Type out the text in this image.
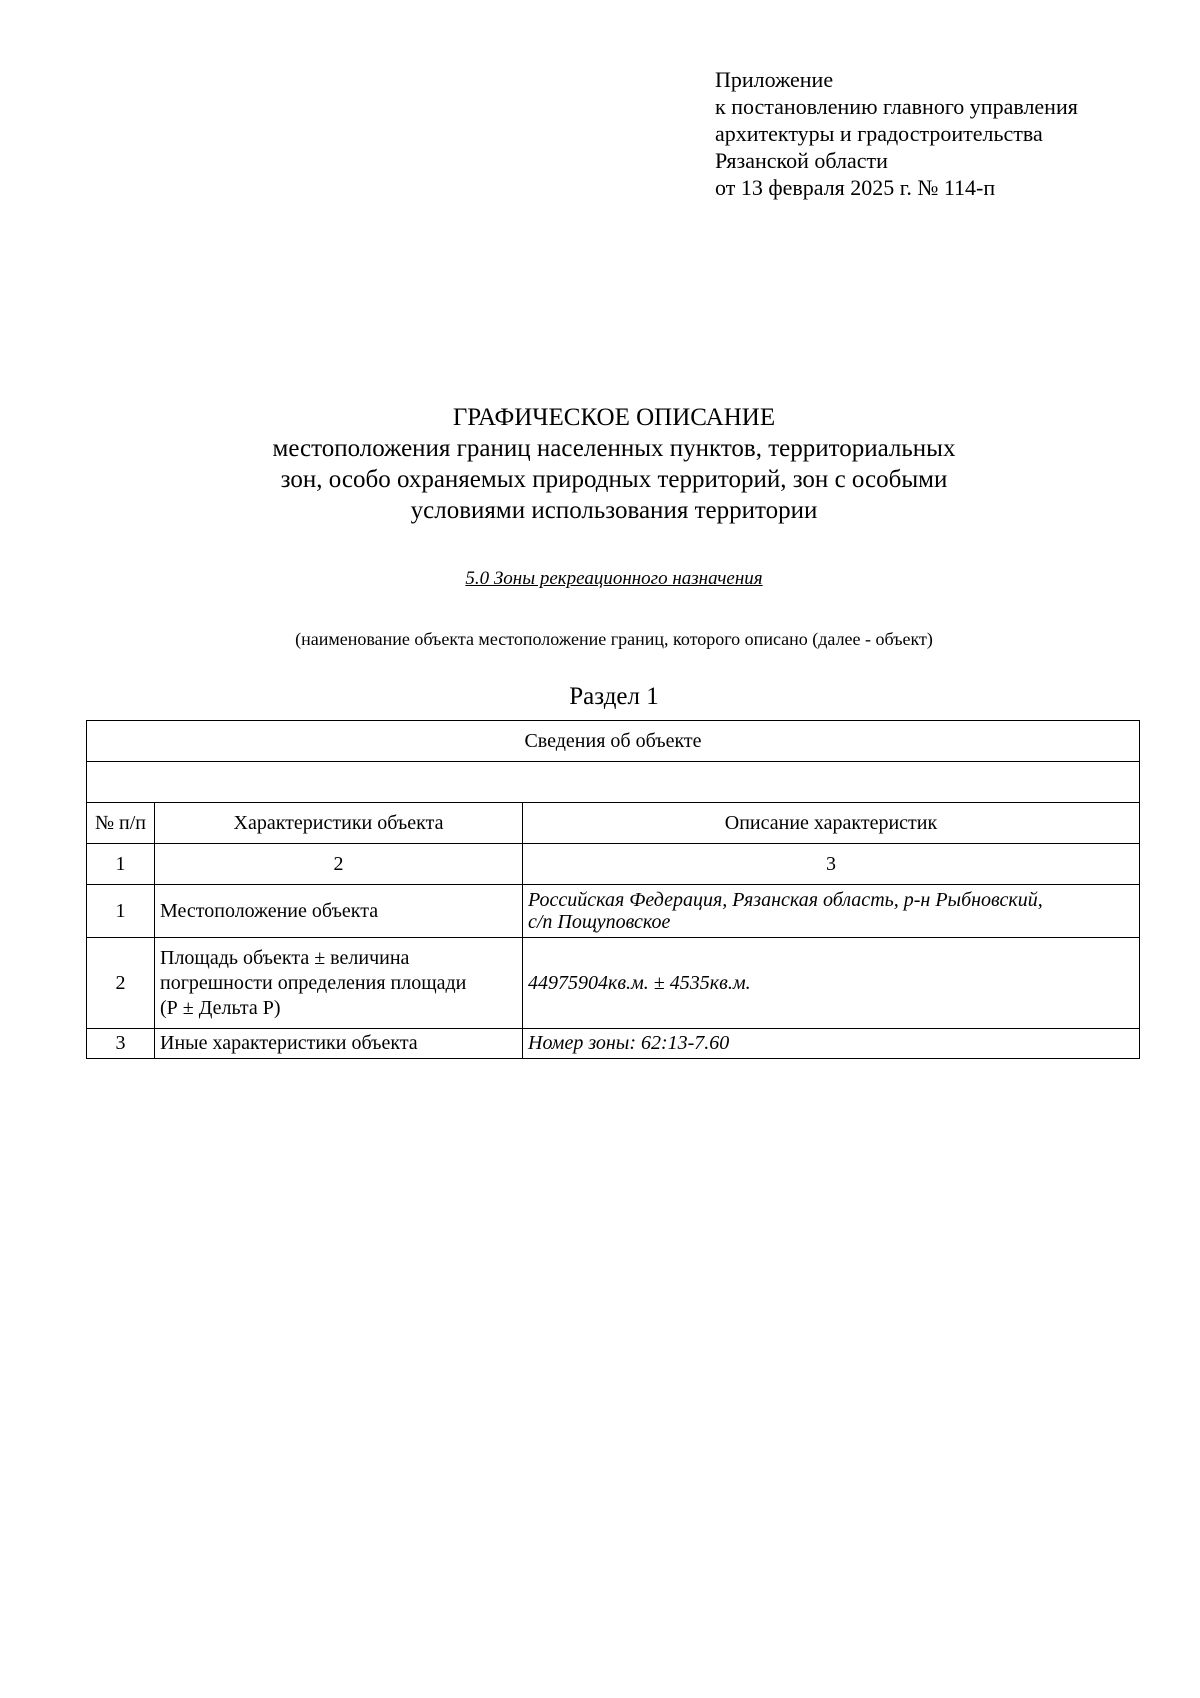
Приложение
к постановлению главного управления
архитектуры и градостроительства
Рязанской области
от 13 февраля 2025 г. № 114-п
ГРАФИЧЕСКОЕ ОПИСАНИЕ
местоположения границ населенных пунктов, территориальных
зон, особо охраняемых природных территорий, зон с особыми
условиями использования территории
5.0 Зоны рекреационного назначения
(наименование объекта местоположение границ, которого описано (далее - объект)
Раздел 1
Сведения об объекте		

№ п/п	Характеристики объекта	Описание характеристик
1	2	3
1	Местоположение объекта	Российская Федерация, Рязанская область, р-н Рыбновский,
с/п Пощуповское

2	Площадь объекта ± величина
погрешности определения площади
(Р ± Дельта Р)	44975904кв.м. ± 4535кв.м.
3	Иные характеристики объекта	Номер зоны: 62:13-7.60
